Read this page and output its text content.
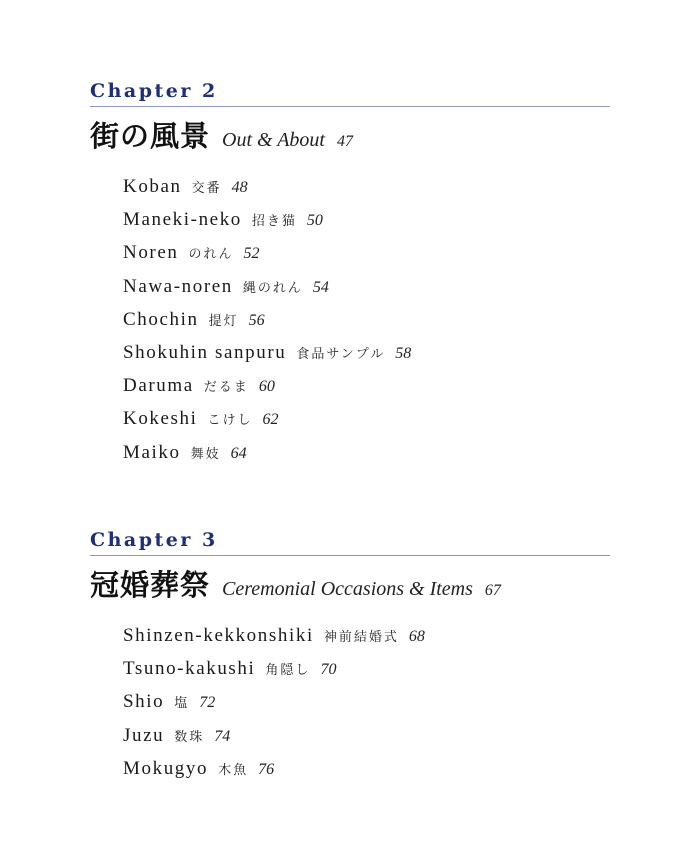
Chapter 2
街の風景 Out & About 47
Koban 交番 48
Maneki-neko 招き猫 50
Noren のれん 52
Nawa-noren 縄のれん 54
Chochin 提灯 56
Shokuhin sanpuru 食品サンプル 58
Daruma だるま 60
Kokeshi こけし 62
Maiko 舞妓 64
Chapter 3
冠婚葬祭 Ceremonial Occasions & Items 67
Shinzen-kekkonshiki 神前結婚式 68
Tsuno-kakushi 角隠し 70
Shio 塩 72
Juzu 数珠 74
Mokugyo 木魚 76
